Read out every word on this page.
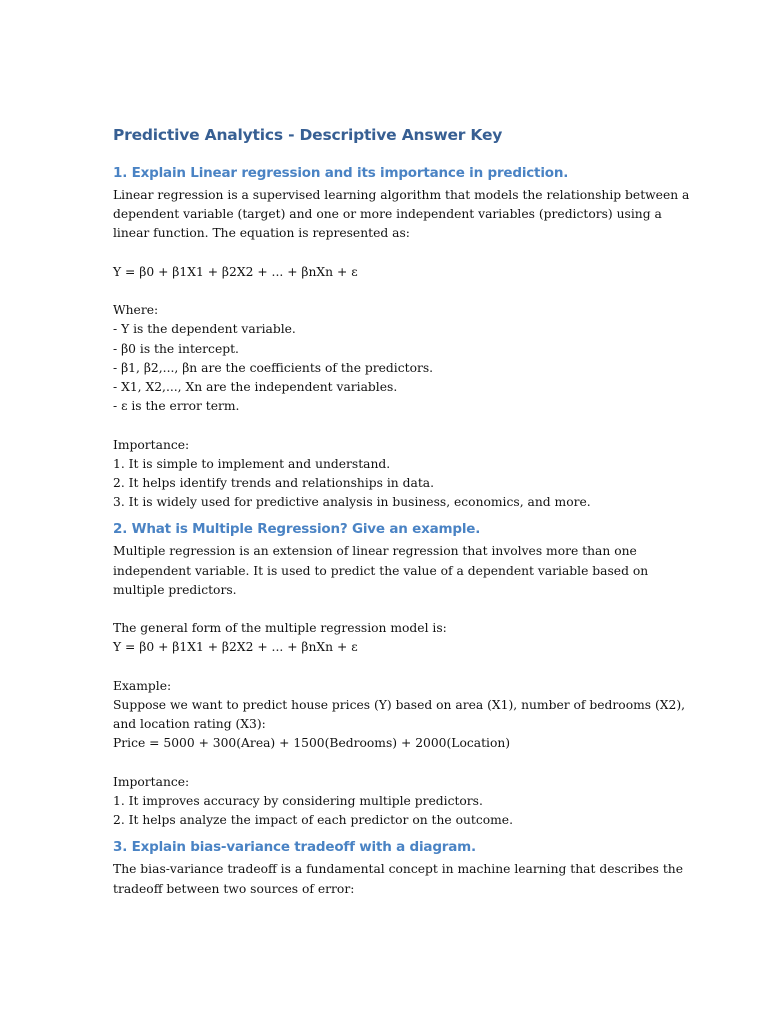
Predictive Analytics - Descriptive Answer Key
1. Explain Linear regression and its importance in prediction.

Linear regression is a supervised learning algorithm that models the relationship between a
dependent variable (target) and one or more independent variables (predictors) using a
linear function. The equation is represented as:

Y = β0 + β1X1 + β2X2 + ... + βnXn + ε

Where:
- Y is the dependent variable.
- β0 is the intercept.
- β1, β2,..., βn are the coefficients of the predictors.
- X1, X2,..., Xn are the independent variables.
- ε is the error term.

Importance:
1. It is simple to implement and understand.
2. It helps identify trends and relationships in data.
3. It is widely used for predictive analysis in business, economics, and more.

2. What is Multiple Regression? Give an example.

Multiple regression is an extension of linear regression that involves more than one
independent variable. It is used to predict the value of a dependent variable based on
multiple predictors.

The general form of the multiple regression model is:
Y = β0 + β1X1 + β2X2 + ... + βnXn + ε

Example:
Suppose we want to predict house prices (Y) based on area (X1), number of bedrooms (X2),
and location rating (X3):
Price = 5000 + 300(Area) + 1500(Bedrooms) + 2000(Location)

Importance:
1. It improves accuracy by considering multiple predictors.
2. It helps analyze the impact of each predictor on the outcome.

3. Explain bias-variance tradeoff with a diagram.

The bias-variance tradeoff is a fundamental concept in machine learning that describes the
tradeoff between two sources of error:
